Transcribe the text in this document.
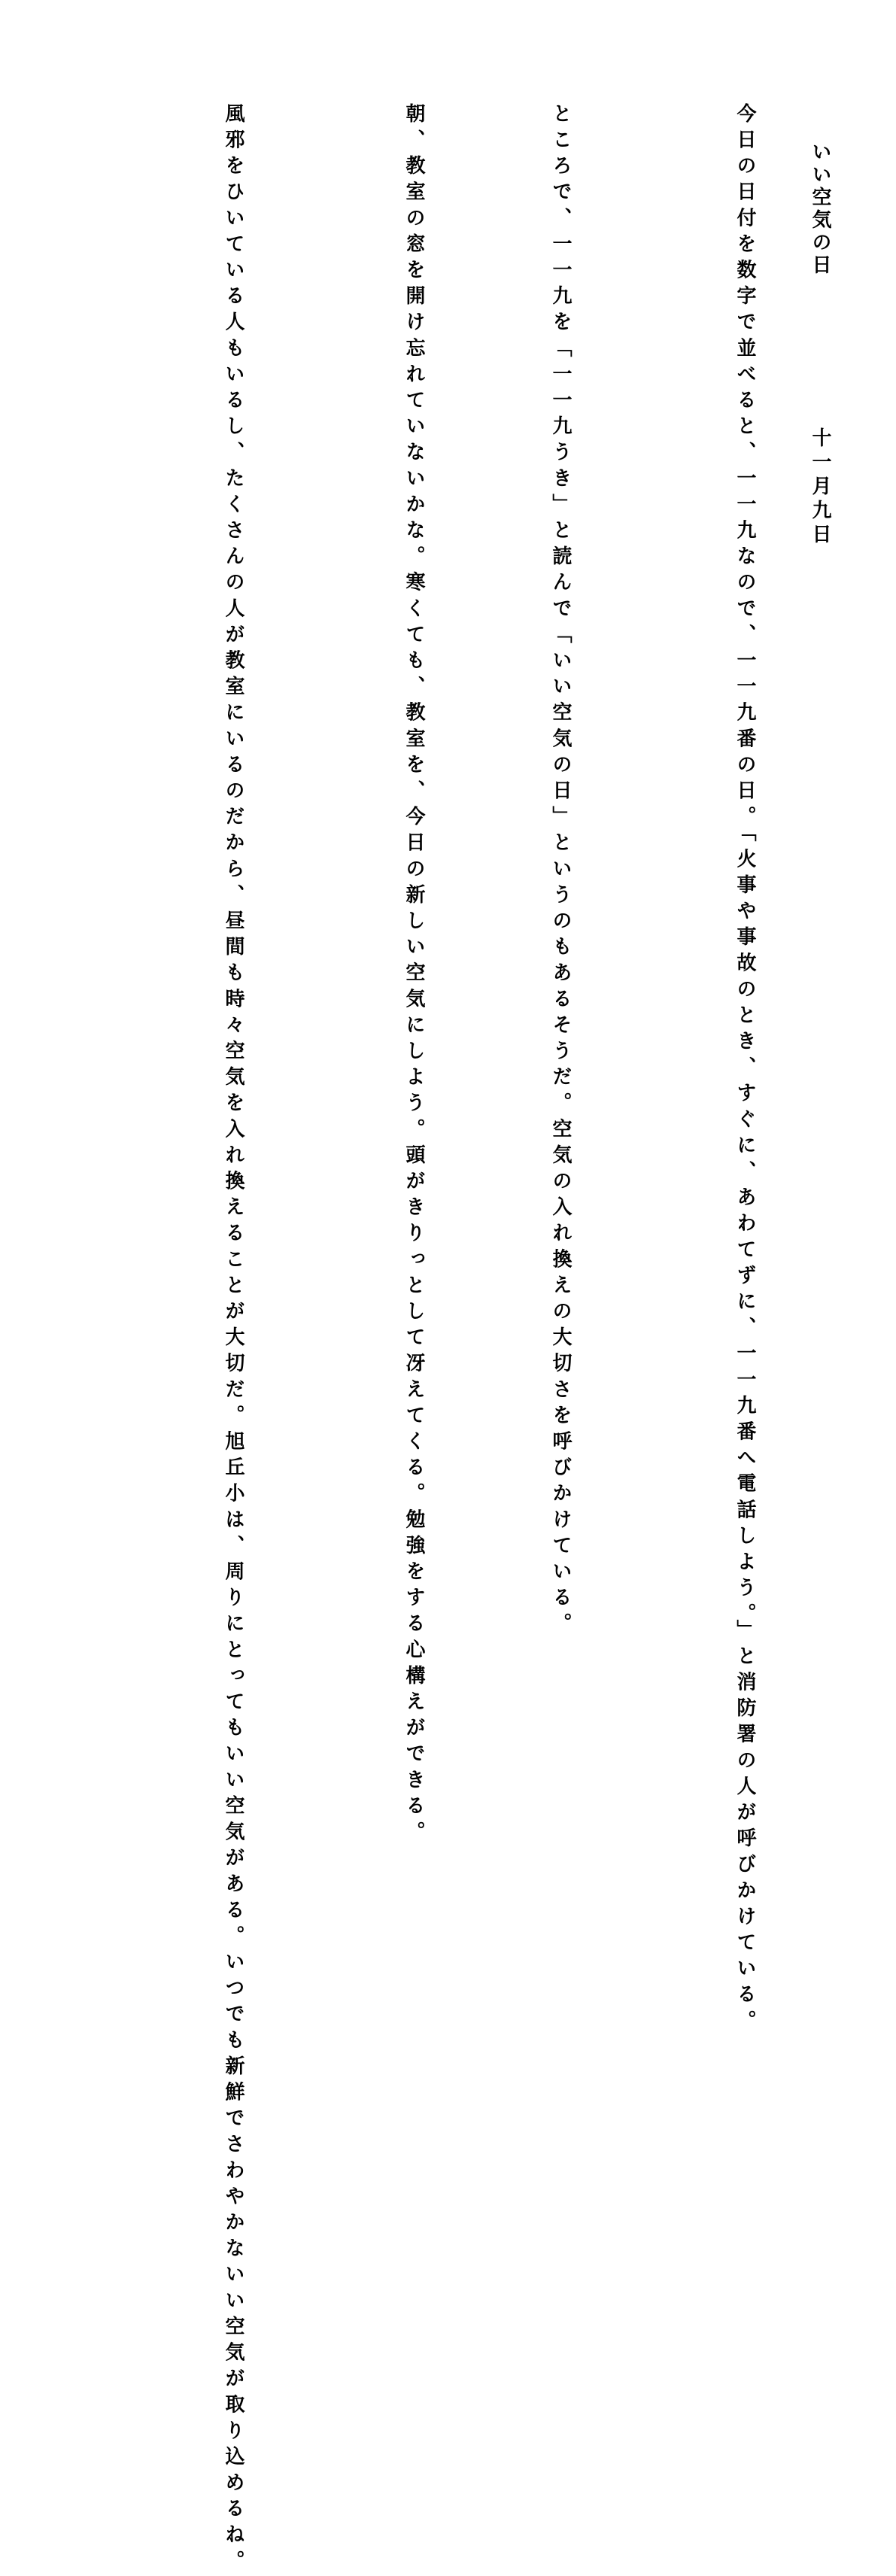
いい空気の日

十一月九日

今日の日付を数字で並べると、一一九なので、一一九番の日。「火事や事故のとき、すぐに、あわてずに、一一九番へ電話しよう。」と消防署の人が呼びかけている。

ところで、一一九を「一一九うき」と読んで「いい空気の日」というのもあるそうだ。空気の入れ換えの大切さを呼びかけている。

朝、教室の窓を開け忘れていないかな。寒くても、教室を、今日の新しい空気にしよう。頭がきりっとして冴えてくる。勉強をする心構えができる。

風邪をひいている人もいるし、たくさんの人が教室にいるのだから、昼間も時々空気を入れ換えることが大切だ。旭丘小は、周りにとってもいい空気がある。いつでも新鮮でさわやかないい空気が取り込めるね。
